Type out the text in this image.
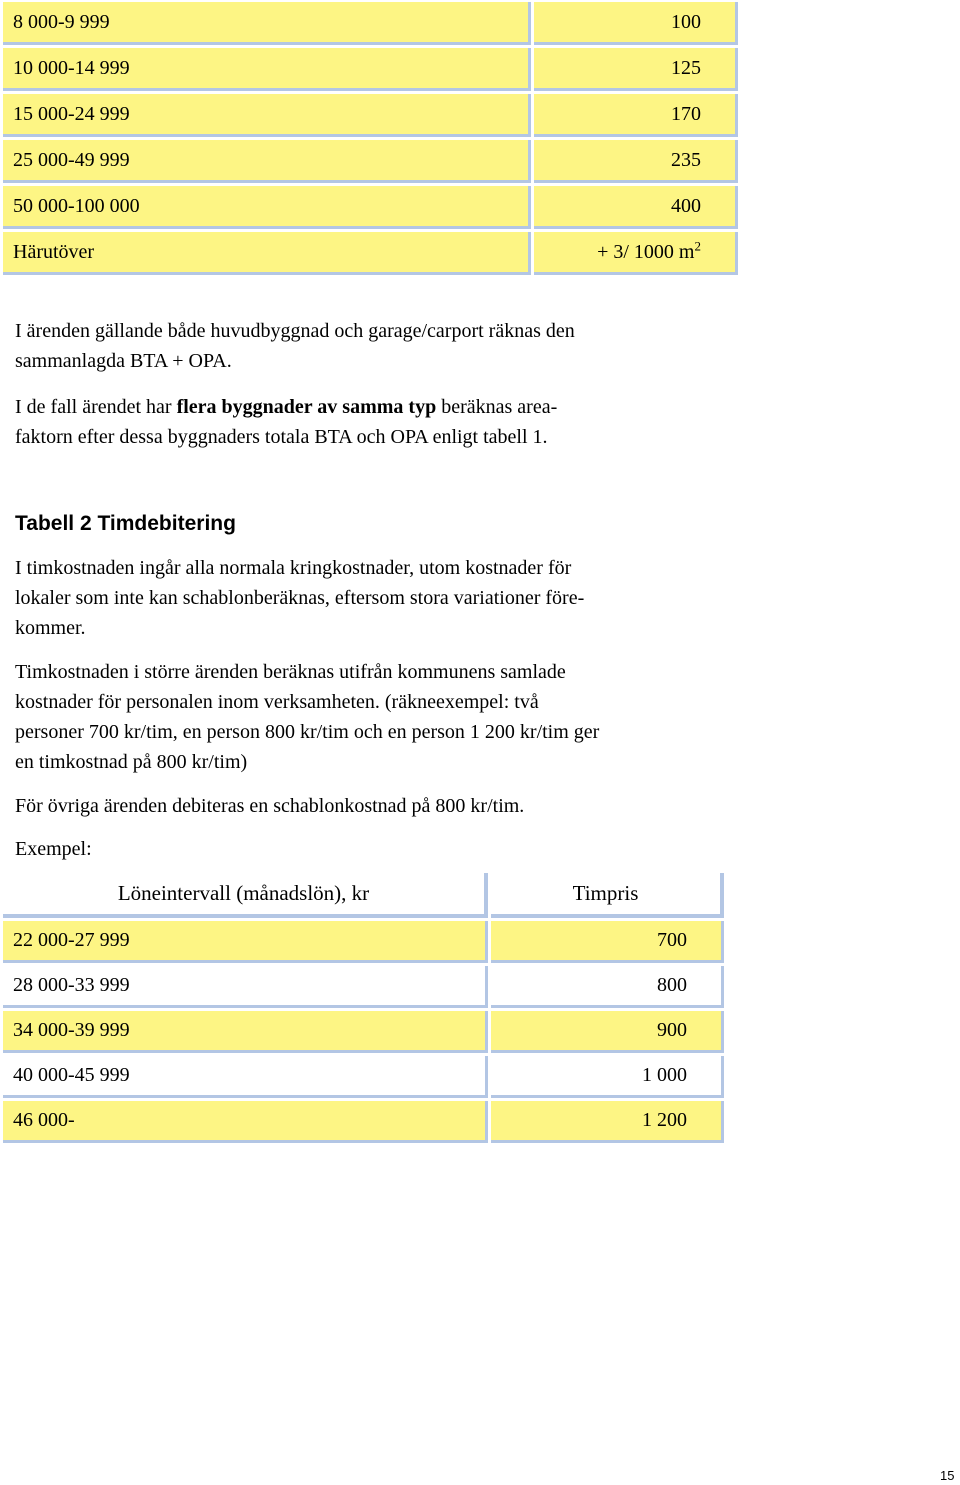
8 000-9 999	100
10 000-14 999	125
15 000-24 999	170
25 000-49 999	235
50 000-100 000	400
Härutöver	+ 3/ 1000 $m^2$
I ärenden gällande både huvudbyggnad och garage/carport räknas den
sammanlagda BTA + OPA.
I de fall ärendet har flera byggnader av samma typ beräknas area-
faktorn efter dessa byggnaders totala BTA och OPA enligt tabell 1.
Tabell 2 Timdebitering
I timkostnaden ingår alla normala kringkostnader, utom kostnader för
lokaler som inte kan schablonberäknas, eftersom stora variationer före-
kommer.
Timkostnaden i större ärenden beräknas utifrån kommunens samlade
kostnader för personalen inom verksamheten. (räkneexempel: två
personer 700 kr/tim, en person 800 kr/tim och en person 1 200 kr/tim ger
en timkostnad på 800 kr/tim)
För övriga ärenden debiteras en schablonkostnad på 800 kr/tim.
Exempel:
Löneintervall (månadslön), kr	Timpris
22 000-27 999	700
28 000-33 999	800
34 000-39 999	900
40 000-45 999	1 000
46 000-	1 200
15
